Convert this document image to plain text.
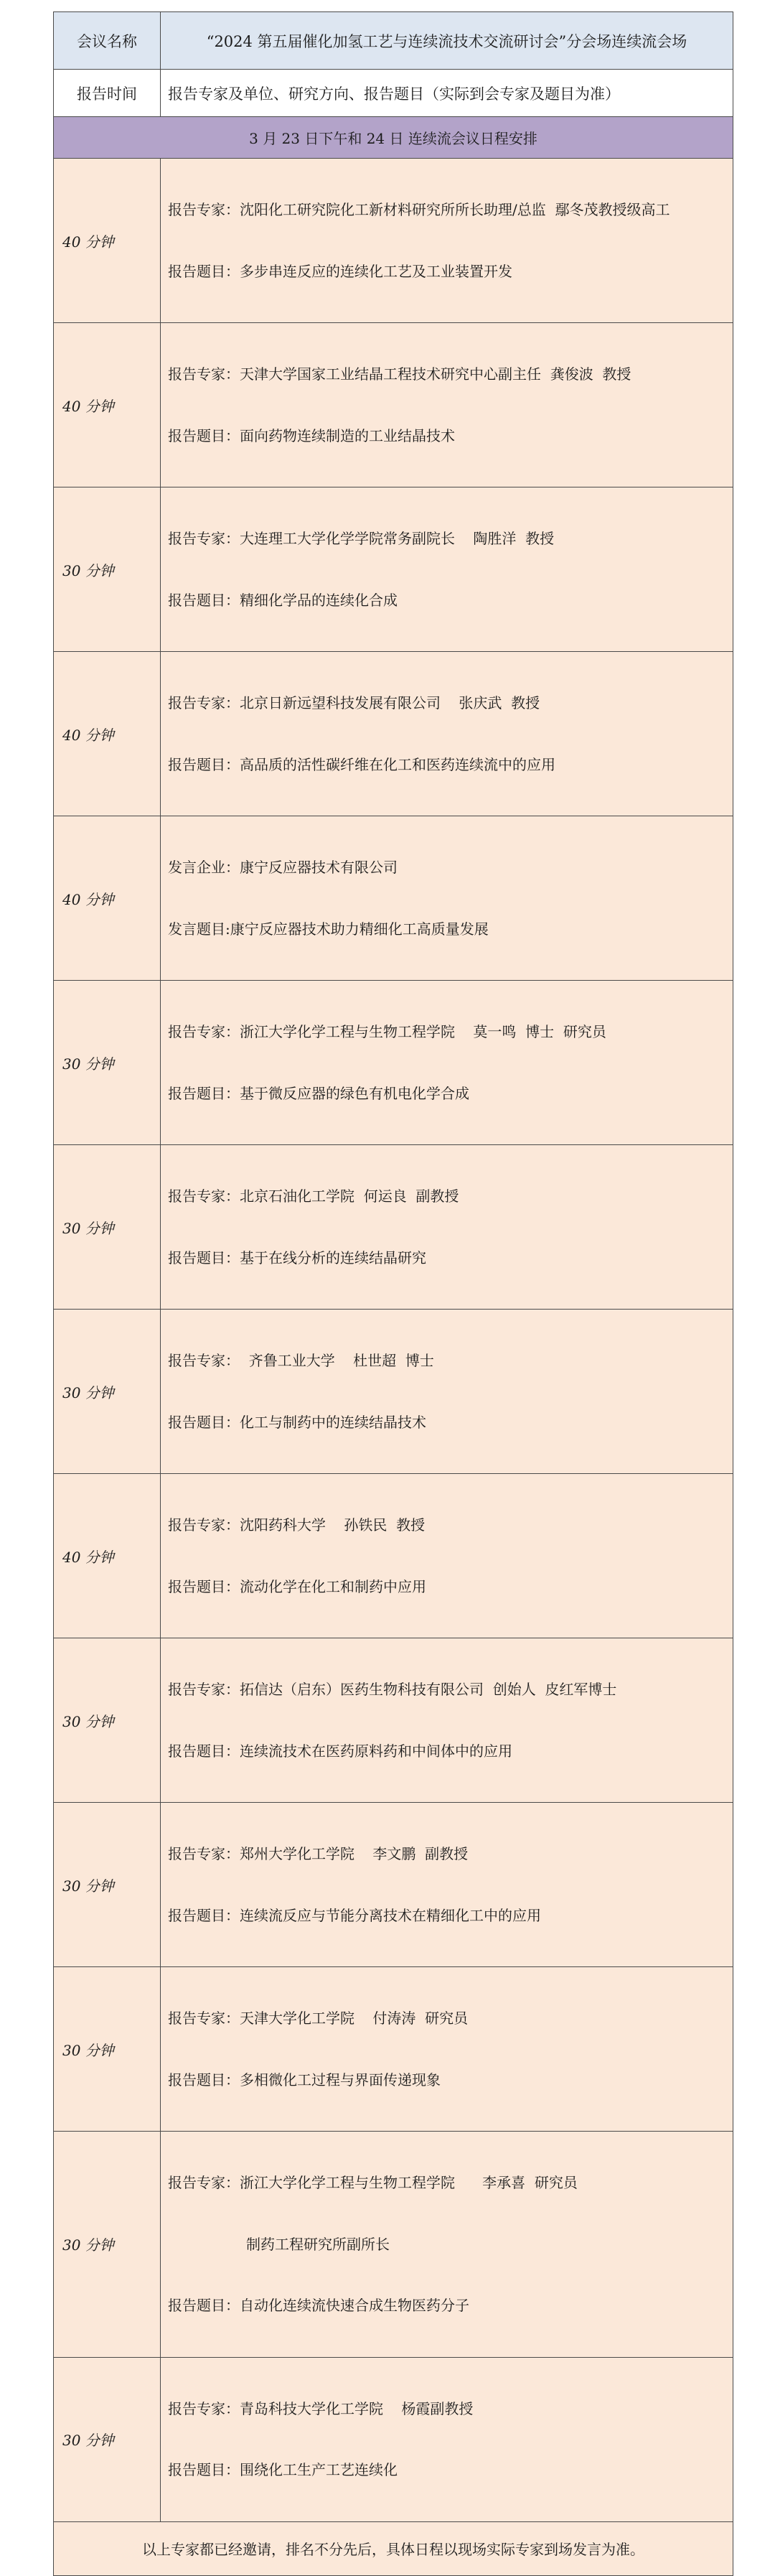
会议名称	“2024 第五届催化加氢工艺与连续流技术交流研讨会”分会场连续流会场
报告时间	报告专家及单位、研究方向、报告题目（实际到会专家及题目为准）
3 月 23 日下午和 24 日 连续流会议日程安排	
40 分钟	报告专家：沈阳化工研究院化工新材料研究所所长助理/总监  鄢冬茂教授级高工

报告题目：多步串连反应的连续化工艺及工业装置开发

40 分钟	报告专家：天津大学国家工业结晶工程技术研究中心副主任  龚俊波  教授

报告题目：面向药物连续制造的工业结晶技术

30 分钟	报告专家：大连理工大学化学学院常务副院长    陶胜洋  教授

报告题目：精细化学品的连续化合成

40 分钟	报告专家：北京日新远望科技发展有限公司    张庆武  教授

报告题目：高品质的活性碳纤维在化工和医药连续流中的应用

40 分钟	发言企业：康宁反应器技术有限公司

发言题目:康宁反应器技术助力精细化工高质量发展

30 分钟	报告专家：浙江大学化学工程与生物工程学院    莫一鸣  博士  研究员

报告题目：基于微反应器的绿色有机电化学合成

30 分钟	报告专家：北京石油化工学院  何运良  副教授

报告题目：基于在线分析的连续结晶研究

30 分钟	报告专家：  齐鲁工业大学    杜世超  博士

报告题目：化工与制药中的连续结晶技术

40 分钟	报告专家：沈阳药科大学    孙铁民  教授

报告题目：流动化学在化工和制药中应用

30 分钟	报告专家：拓信达（启东）医药生物科技有限公司  创始人  皮红军博士

报告题目：连续流技术在医药原料药和中间体中的应用

30 分钟	报告专家：郑州大学化工学院    李文鹏  副教授

报告题目：连续流反应与节能分离技术在精细化工中的应用

30 分钟	报告专家：天津大学化工学院    付涛涛  研究员

报告题目：多相微化工过程与界面传递现象

30 分钟	报告专家：浙江大学化学工程与生物工程学院      李承喜  研究员

制药工程研究所副所长

报告题目：自动化连续流快速合成生物医药分子

30 分钟	报告专家：青岛科技大学化工学院    杨霞副教授

报告题目：围绕化工生产工艺连续化

以上专家都已经邀请，排名不分先后，具体日程以现场实际专家到场发言为准。	
